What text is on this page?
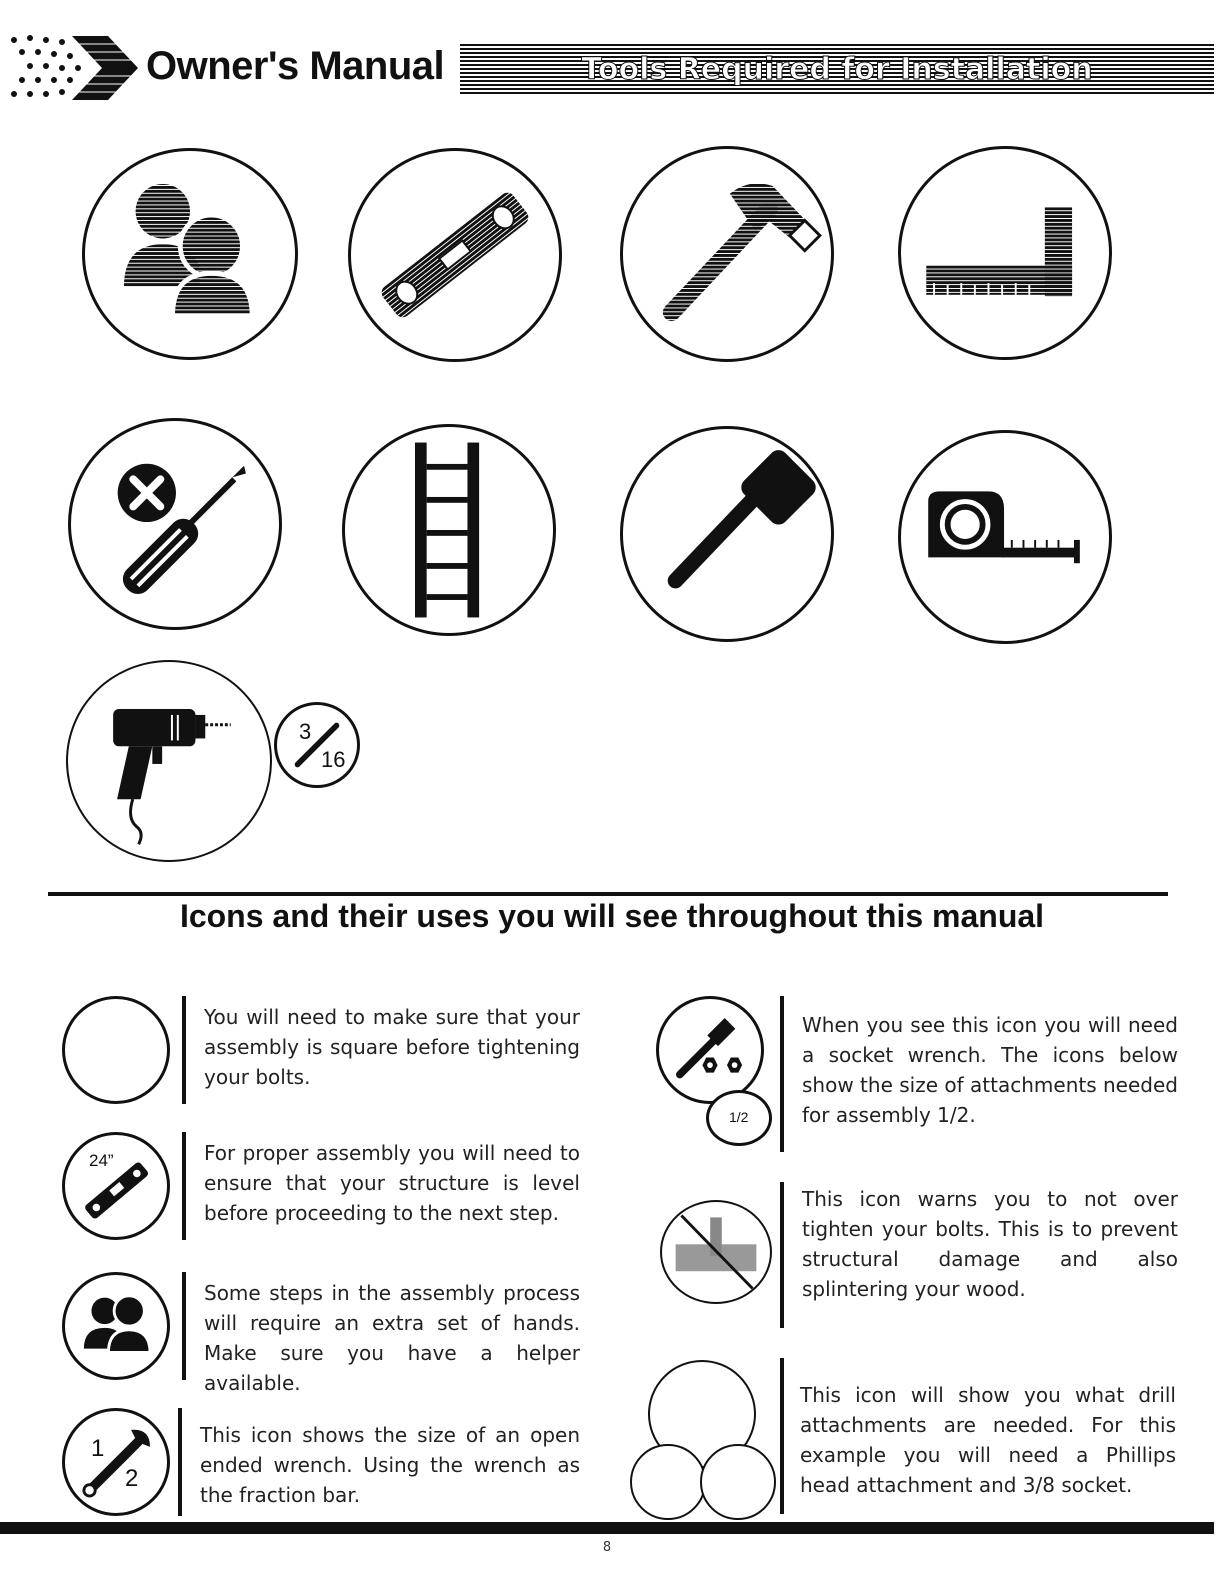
Owner's Manual	Tools Required for Installation
3
16
Icons and their uses you will see throughout this manual
You will need to make sure that your assembly is square before tightening your bolts.
24”	For proper assembly you will need to ensure that your structure is level before proceeding to the next step.
Some steps in the assembly process will require an extra set of hands. Make sure you have a helper available.
1
2
This icon shows the size of an open ended wrench. Using the wrench as the fraction bar.
1/2
When you see this icon you will need a socket wrench. The icons below show the size of attachments needed for assembly 1/2.
This icon warns you to not over tighten your bolts. This is to prevent structural damage and also splintering your wood.
This icon will show you what drill attachments are needed. For this example you will need a Phillips head attachment and 3/8 socket.
8
